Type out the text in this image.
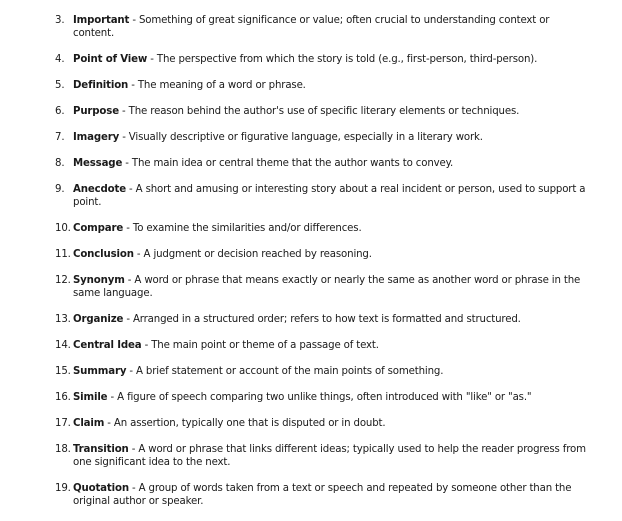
3. Important - Something of great significance or value; often crucial to understanding context or content.
4. Point of View - The perspective from which the story is told (e.g., first-person, third-person).
5. Definition - The meaning of a word or phrase.
6. Purpose - The reason behind the author's use of specific literary elements or techniques.
7. Imagery - Visually descriptive or figurative language, especially in a literary work.
8. Message - The main idea or central theme that the author wants to convey.
9. Anecdote - A short and amusing or interesting story about a real incident or person, used to support a point.
10. Compare - To examine the similarities and/or differences.
11. Conclusion - A judgment or decision reached by reasoning.
12. Synonym - A word or phrase that means exactly or nearly the same as another word or phrase in the same language.
13. Organize - Arranged in a structured order; refers to how text is formatted and structured.
14. Central Idea - The main point or theme of a passage of text.
15. Summary - A brief statement or account of the main points of something.
16. Simile - A figure of speech comparing two unlike things, often introduced with "like" or "as."
17. Claim - An assertion, typically one that is disputed or in doubt.
18. Transition - A word or phrase that links different ideas; typically used to help the reader progress from one significant idea to the next.
19. Quotation - A group of words taken from a text or speech and repeated by someone other than the original author or speaker.
